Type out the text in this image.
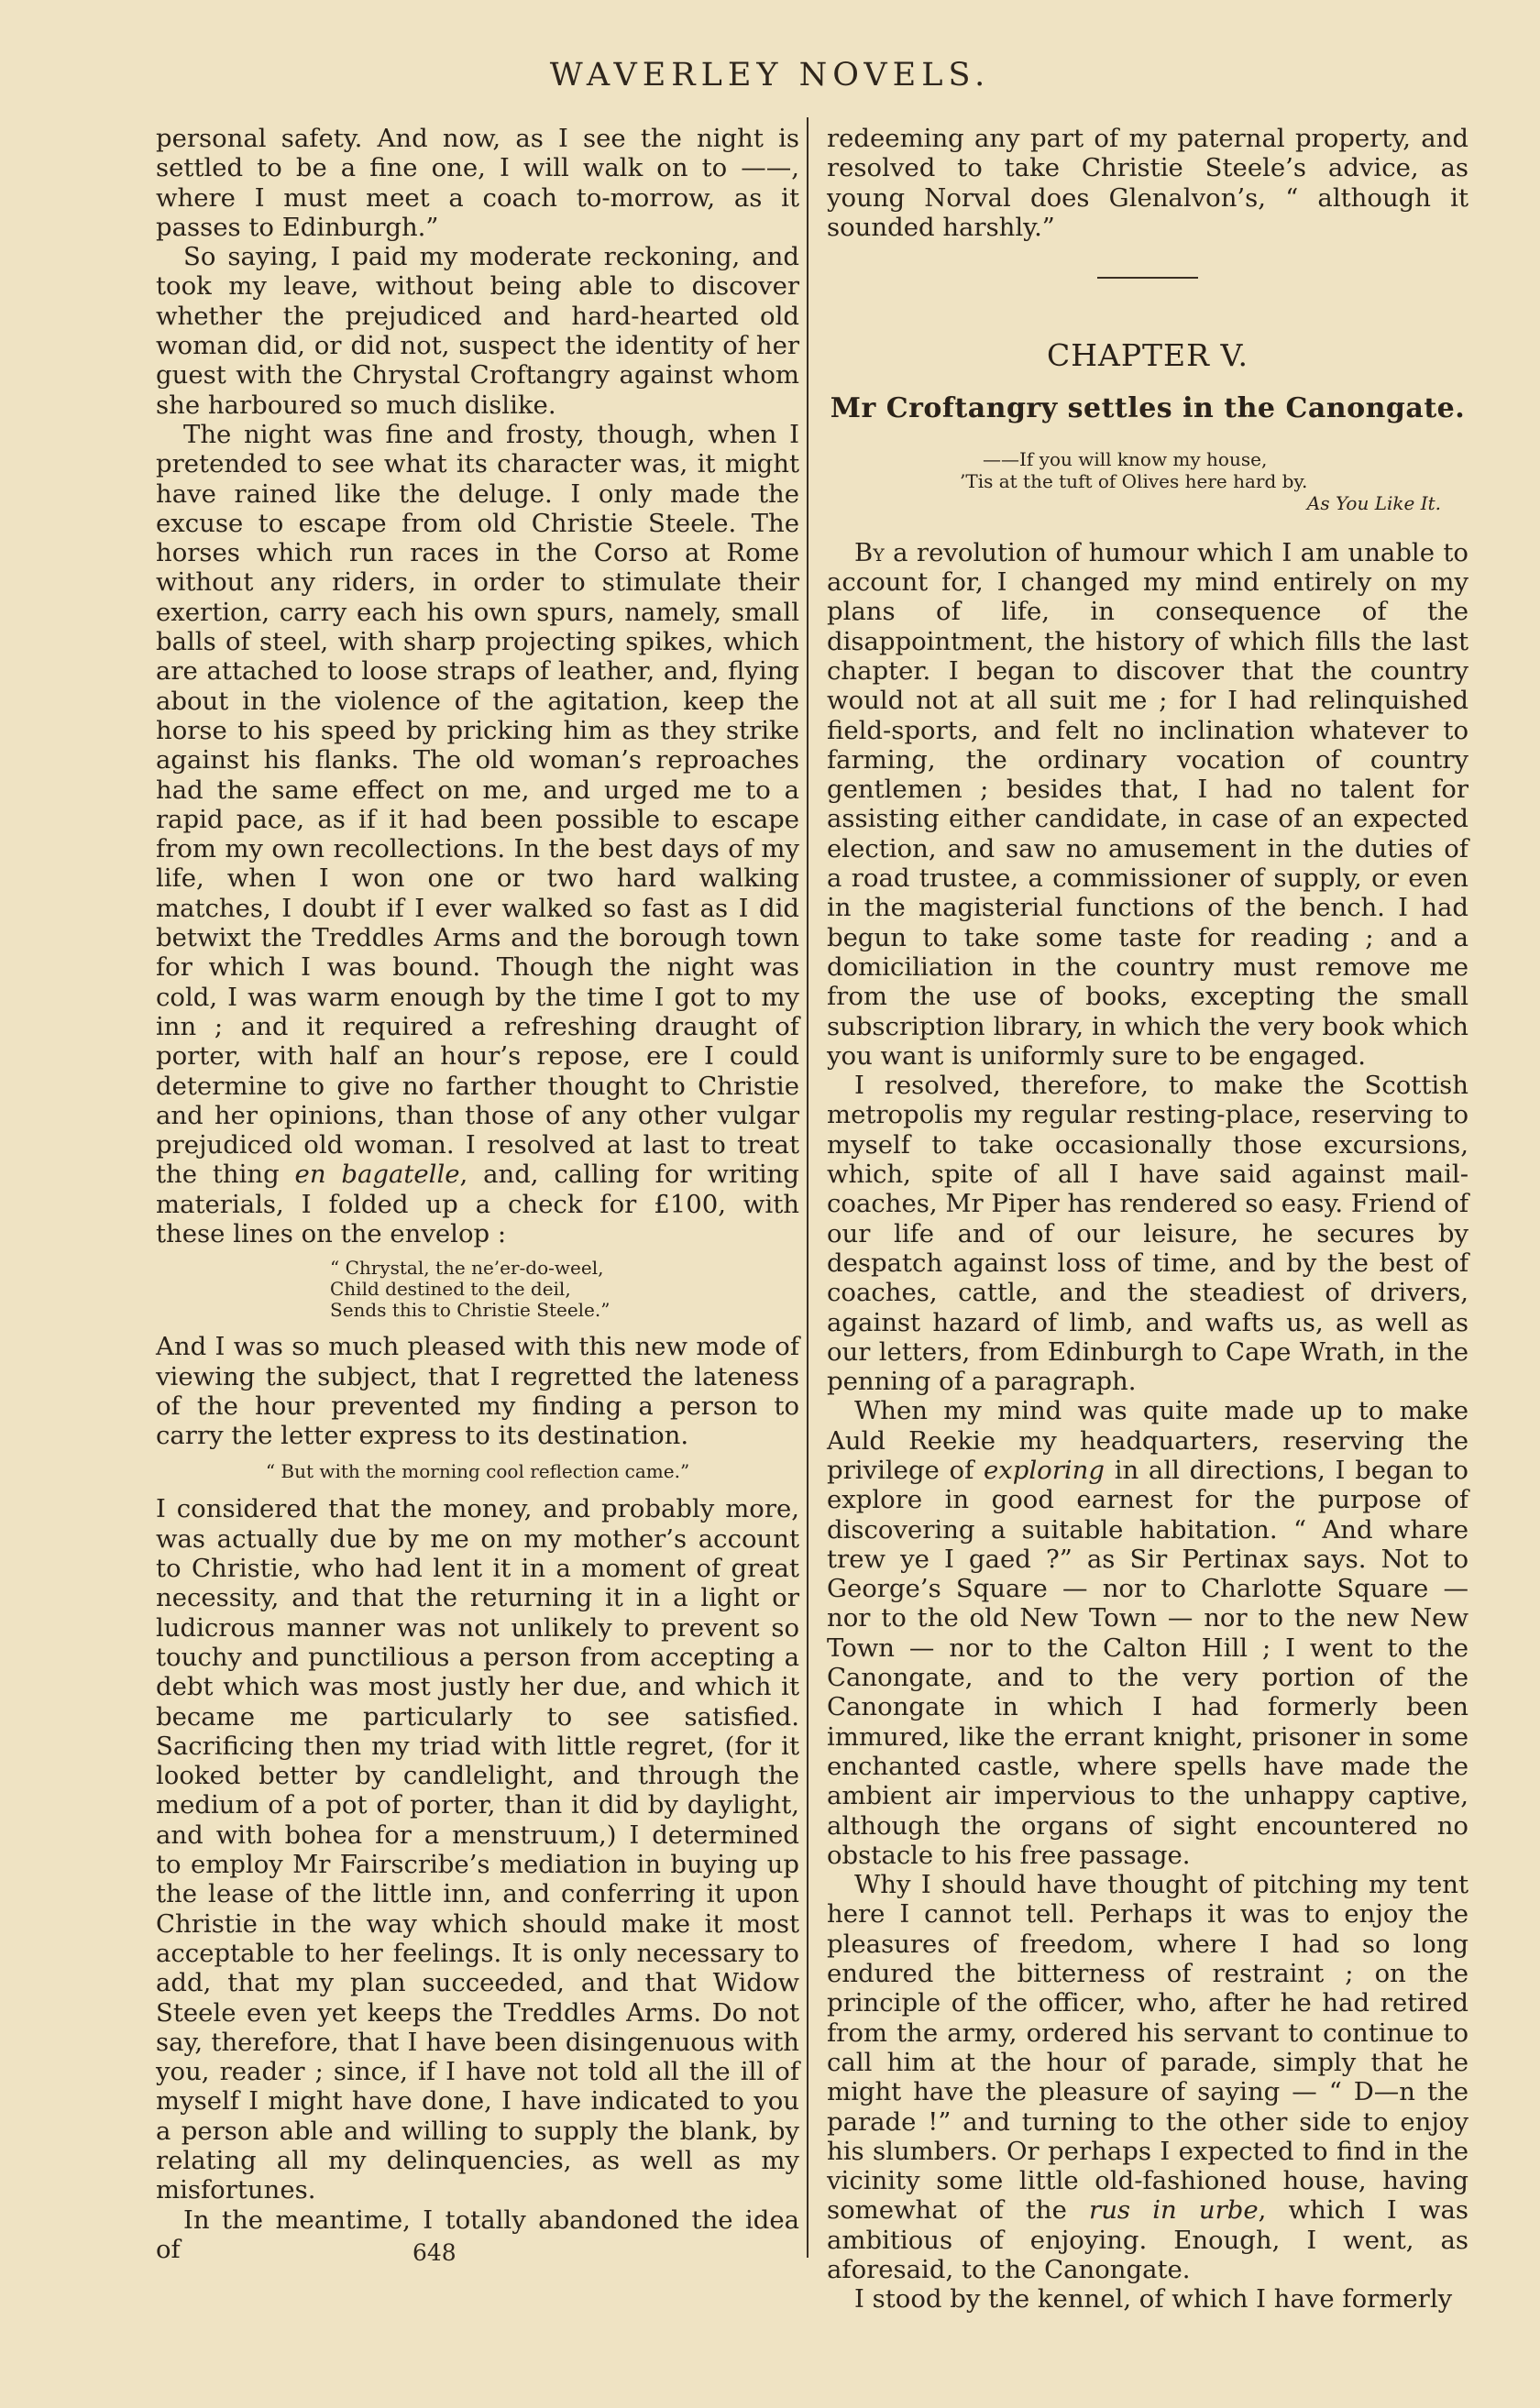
WAVERLEY NOVELS.

personal safety. And now, as I see the night is settled to be a fine one, I will walk on to ——, where I must meet a coach to-morrow, as it passes to Edinburgh.”

So saying, I paid my moderate reckoning, and took my leave, without being able to discover whether the prejudiced and hard-hearted old woman did, or did not, suspect the identity of her guest with the Chrystal Croftangry against whom she harboured so much dislike.

The night was fine and frosty, though, when I pretended to see what its character was, it might have rained like the deluge. I only made the excuse to escape from old Christie Steele. The horses which run races in the Corso at Rome without any riders, in order to stimulate their exertion, carry each his own spurs, namely, small balls of steel, with sharp projecting spikes, which are attached to loose straps of leather, and, flying about in the violence of the agitation, keep the horse to his speed by pricking him as they strike against his flanks. The old woman’s reproaches had the same effect on me, and urged me to a rapid pace, as if it had been possible to escape from my own recollections. In the best days of my life, when I won one or two hard walking matches, I doubt if I ever walked so fast as I did betwixt the Treddles Arms and the borough town for which I was bound. Though the night was cold, I was warm enough by the time I got to my inn ; and it required a refreshing draught of porter, with half an hour’s repose, ere I could determine to give no farther thought to Christie and her opinions, than those of any other vulgar prejudiced old woman. I resolved at last to treat the thing en bagatelle, and, calling for writing materials, I folded up a check for £100, with these lines on the envelop :

“ Chrystal, the ne’er-do-weel,
Child destined to the deil,
Sends this to Christie Steele.”

And I was so much pleased with this new mode of viewing the subject, that I regretted the lateness of the hour prevented my finding a person to carry the letter express to its destination.

“ But with the morning cool reflection came.”

I considered that the money, and probably more, was actually due by me on my mother’s account to Christie, who had lent it in a moment of great necessity, and that the returning it in a light or ludicrous manner was not unlikely to prevent so touchy and punctilious a person from accepting a debt which was most justly her due, and which it became me particularly to see satisfied. Sacrificing then my triad with little regret, (for it looked better by candlelight, and through the medium of a pot of porter, than it did by daylight, and with bohea for a menstruum,) I determined to employ Mr Fairscribe’s mediation in buying up the lease of the little inn, and conferring it upon Christie in the way which should make it most acceptable to her feelings. It is only necessary to add, that my plan succeeded, and that Widow Steele even yet keeps the Treddles Arms. Do not say, therefore, that I have been disingenuous with you, reader ; since, if I have not told all the ill of myself I might have done, I have indicated to you a person able and willing to supply the blank, by relating all my delinquencies, as well as my misfortunes.

In the meantime, I totally abandoned the idea of

redeeming any part of my paternal property, and resolved to take Christie Steele’s advice, as young Norval does Glenalvon’s, “ although it sounded harshly.”

CHAPTER V.
Mr Croftangry settles in the Canongate.
——If you will know my house,
’Tis at the tuft of Olives here hard by.
As You Like It.

By a revolution of humour which I am unable to account for, I changed my mind entirely on my plans of life, in consequence of the disappointment, the history of which fills the last chapter. I began to discover that the country would not at all suit me ; for I had relinquished field-sports, and felt no inclination whatever to farming, the ordinary vocation of country gentlemen ; besides that, I had no talent for assisting either candidate, in case of an expected election, and saw no amusement in the duties of a road trustee, a commissioner of supply, or even in the magisterial functions of the bench. I had begun to take some taste for reading ; and a domiciliation in the country must remove me from the use of books, excepting the small subscription library, in which the very book which you want is uniformly sure to be engaged.

I resolved, therefore, to make the Scottish metropolis my regular resting-place, reserving to myself to take occasionally those excursions, which, spite of all I have said against mail-coaches, Mr Piper has rendered so easy. Friend of our life and of our leisure, he secures by despatch against loss of time, and by the best of coaches, cattle, and the steadiest of drivers, against hazard of limb, and wafts us, as well as our letters, from Edinburgh to Cape Wrath, in the penning of a paragraph.

When my mind was quite made up to make Auld Reekie my headquarters, reserving the privilege of exploring in all directions, I began to explore in good earnest for the purpose of discovering a suitable habitation. “ And whare trew ye I gaed ?” as Sir Pertinax says. Not to George’s Square — nor to Charlotte Square — nor to the old New Town — nor to the new New Town — nor to the Calton Hill ; I went to the Canongate, and to the very portion of the Canongate in which I had formerly been immured, like the errant knight, prisoner in some enchanted castle, where spells have made the ambient air impervious to the unhappy captive, although the organs of sight encountered no obstacle to his free passage.

Why I should have thought of pitching my tent here I cannot tell. Perhaps it was to enjoy the pleasures of freedom, where I had so long endured the bitterness of restraint ; on the principle of the officer, who, after he had retired from the army, ordered his servant to continue to call him at the hour of parade, simply that he might have the pleasure of saying — “ D—n the parade !” and turning to the other side to enjoy his slumbers. Or perhaps I expected to find in the vicinity some little old-fashioned house, having somewhat of the rus in urbe, which I was ambitious of enjoying. Enough, I went, as aforesaid, to the Canongate.

I stood by the kennel, of which I have formerly

648
